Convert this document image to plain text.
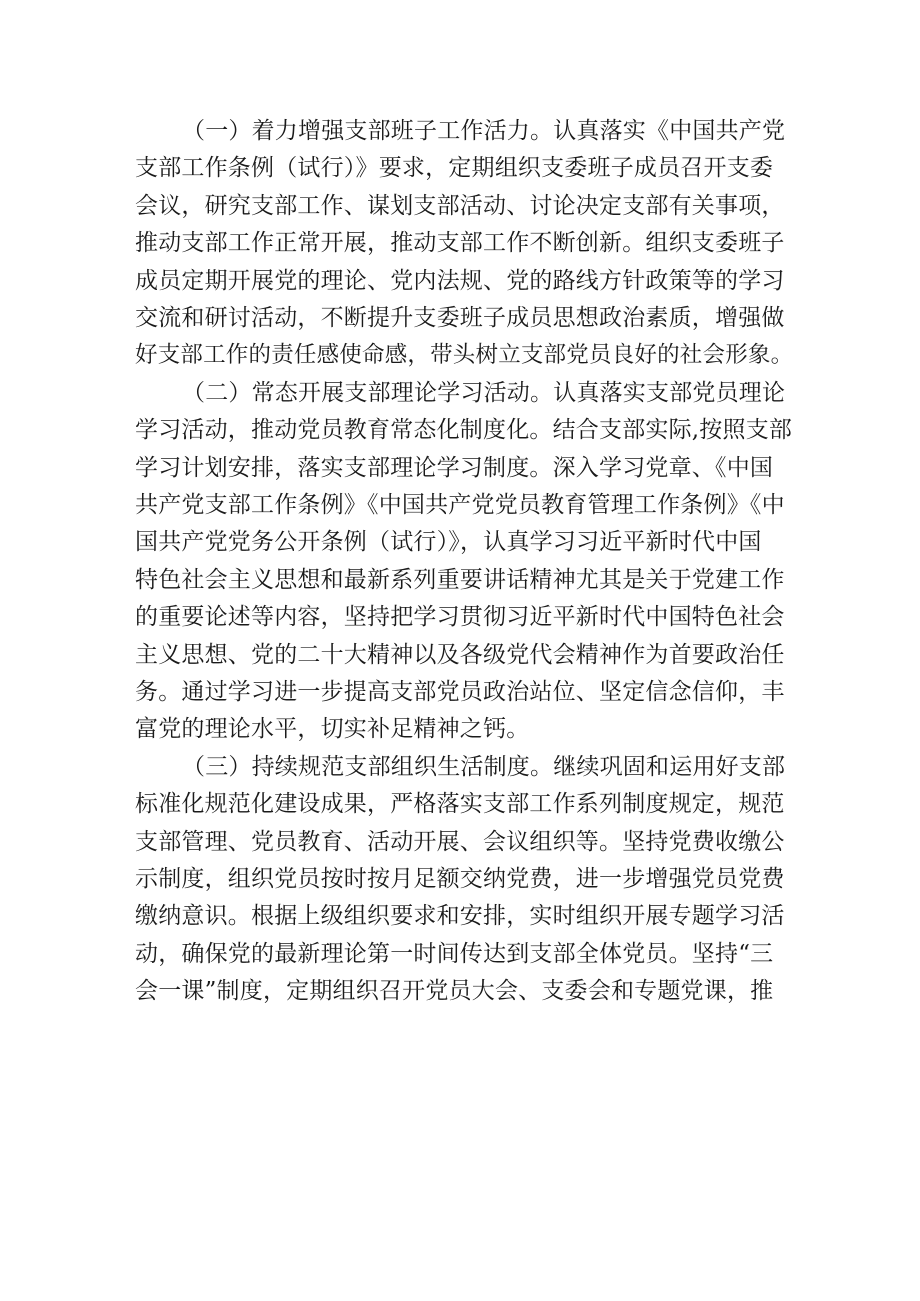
（一）着力增强支部班子工作活力。认真落实《中国共产党
支部工作条例（试行）》要求，定期组织支委班子成员召开支委
会议，研究支部工作、谋划支部活动、讨论决定支部有关事项，
推动支部工作正常开展，推动支部工作不断创新。组织支委班子
成员定期开展党的理论、党内法规、党的路线方针政策等的学习
交流和研讨活动，不断提升支委班子成员思想政治素质，增强做
好支部工作的责任感使命感，带头树立支部党员良好的社会形象。
（二）常态开展支部理论学习活动。认真落实支部党员理论
学习活动，推动党员教育常态化制度化。结合支部实际,按照支部
学习计划安排，落实支部理论学习制度。深入学习党章、《中国
共产党支部工作条例》《中国共产党党员教育管理工作条例》《中
国共产党党务公开条例（试行）》，认真学习习近平新时代中国
特色社会主义思想和最新系列重要讲话精神尤其是关于党建工作
的重要论述等内容，坚持把学习贯彻习近平新时代中国特色社会
主义思想、党的二十大精神以及各级党代会精神作为首要政治任
务。通过学习进一步提高支部党员政治站位、坚定信念信仰，丰
富党的理论水平，切实补足精神之钙。
（三）持续规范支部组织生活制度。继续巩固和运用好支部
标准化规范化建设成果，严格落实支部工作系列制度规定，规范
支部管理、党员教育、活动开展、会议组织等。坚持党费收缴公
示制度，组织党员按时按月足额交纳党费，进一步增强党员党费
缴纳意识。根据上级组织要求和安排，实时组织开展专题学习活
动，确保党的最新理论第一时间传达到支部全体党员。坚持“三
会一课”制度，定期组织召开党员大会、支委会和专题党课，推
